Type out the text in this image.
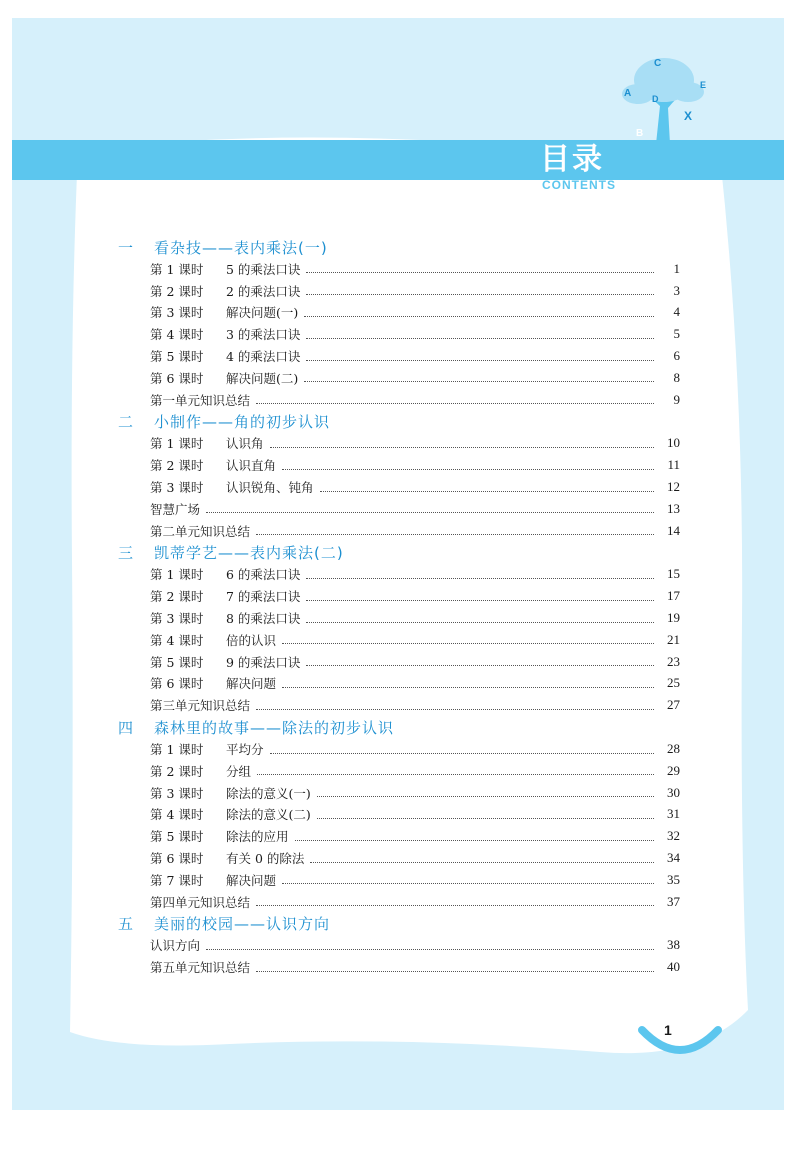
C
A
B
D
E
X
目录
CONTENTS
一	看杂技——表内乘法(一)
第 1 课时 5 的乘法口诀	1
第 2 课时 2 的乘法口诀	3
第 3 课时 解决问题(一)	4
第 4 课时 3 的乘法口诀	5
第 5 课时 4 的乘法口诀	6
第 6 课时 解决问题(二)	8
第一单元知识总结	9
二	小制作——角的初步认识
第 1 课时 认识角	10
第 2 课时 认识直角	11
第 3 课时 认识锐角、钝角	12
智慧广场	13
第二单元知识总结	14
三	凯蒂学艺——表内乘法(二)
第 1 课时 6 的乘法口诀	15
第 2 课时 7 的乘法口诀	17
第 3 课时 8 的乘法口诀	19
第 4 课时 倍的认识	21
第 5 课时 9 的乘法口诀	23
第 6 课时 解决问题	25
第三单元知识总结	27
四	森林里的故事——除法的初步认识
第 1 课时 平均分	28
第 2 课时 分组	29
第 3 课时 除法的意义(一)	30
第 4 课时 除法的意义(二)	31
第 5 课时 除法的应用	32
第 6 课时 有关 0 的除法	34
第 7 课时 解决问题	35
第四单元知识总结	37
五	美丽的校园——认识方向
认识方向	38
第五单元知识总结	40
1
